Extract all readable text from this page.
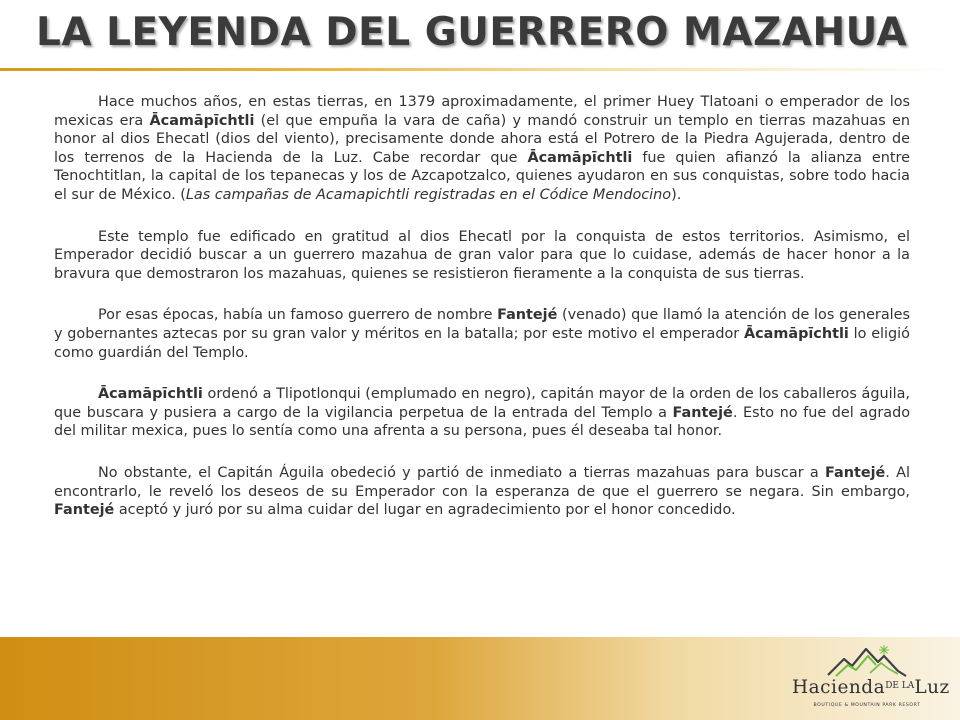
LA LEYENDA DEL GUERRERO MAZAHUA

Hace muchos años, en estas tierras, en 1379 aproximadamente, el primer Huey Tlatoani o emperador de los mexicas era Ācamāpīchtli (el que empuña la vara de caña) y mandó construir un templo en tierras mazahuas en honor al dios Ehecatl (dios del viento), precisamente donde ahora está el Potrero de la Piedra Agujerada, dentro de los terrenos de la Hacienda de la Luz. Cabe recordar que Ācamāpīchtli fue quien afianzó la alianza entre Tenochtitlan, la capital de los tepanecas y los de Azcapotzalco, quienes ayudaron en sus conquistas, sobre todo hacia el sur de México. (Las campañas de Acamapichtli registradas en el Códice Mendocino).

Este templo fue edificado en gratitud al dios Ehecatl por la conquista de estos territorios. Asimismo, el Emperador decidió buscar a un guerrero mazahua de gran valor para que lo cuidase, además de hacer honor a la bravura que demostraron los mazahuas, quienes se resistieron fieramente a la conquista de sus tierras.

Por esas épocas, había un famoso guerrero de nombre Fantejé (venado) que llamó la atención de los generales y gobernantes aztecas por su gran valor y méritos en la batalla; por este motivo el emperador Ācamāpīchtli lo eligió como guardián del Templo.

Ācamāpīchtli ordenó a Tlipotlonqui (emplumado en negro), capitán mayor de la orden de los caballeros águila, que buscara y pusiera a cargo de la vigilancia perpetua de la entrada del Templo a Fantejé. Esto no fue del agrado del militar mexica, pues lo sentía como una afrenta a su persona, pues él deseaba tal honor.

No obstante, el Capitán Águila obedeció y partió de inmediato a tierras mazahuas para buscar a Fantejé. Al encontrarlo, le reveló los deseos de su Emperador con la esperanza de que el guerrero se negara. Sin embargo, Fantejé aceptó y juró por su alma cuidar del lugar en agradecimiento por el honor concedido.

Hacienda$^{DE LA}$Luz
BOUTIQUE & MOUNTAIN PARK RESORT
